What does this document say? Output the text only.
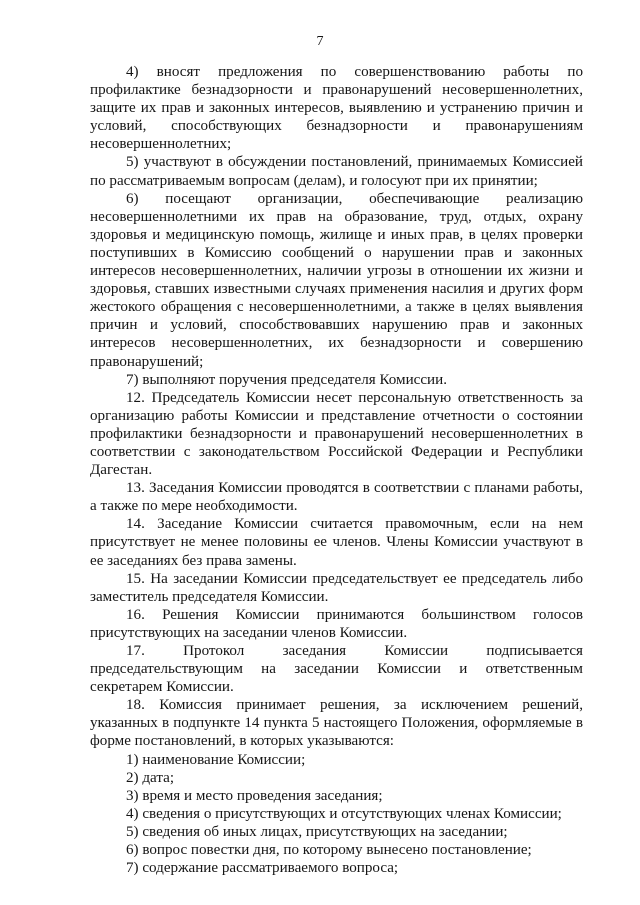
7

4) вносят предложения по совершенствованию работы по профилактике безнадзорности и правонарушений несовершеннолетних, защите их прав и законных интересов, выявлению и устранению причин и условий, способствующих безнадзорности и правонарушениям несовершеннолетних;

5) участвуют в обсуждении постановлений, принимаемых Комиссией по рассматриваемым вопросам (делам), и голосуют при их принятии;

6) посещают организации, обеспечивающие реализацию несовершеннолетними их прав на образование, труд, отдых, охрану здоровья и медицинскую помощь, жилище и иных прав, в целях проверки поступивших в Комиссию сообщений о нарушении прав и законных интересов несовершеннолетних, наличии угрозы в отношении их жизни и здоровья, ставших известными случаях применения насилия и других форм жестокого обращения с несовершеннолетними, а также в целях выявления причин и условий, способствовавших нарушению прав и законных интересов несовершеннолетних, их безнадзорности и совершению правонарушений;

7) выполняют поручения председателя Комиссии.

12. Председатель Комиссии несет персональную ответственность за организацию работы Комиссии и представление отчетности о состоянии профилактики безнадзорности и правонарушений несовершеннолетних в соответствии с законодательством Российской Федерации и Республики Дагестан.

13. Заседания Комиссии проводятся в соответствии с планами работы, а также по мере необходимости.

14. Заседание Комиссии считается правомочным, если на нем присутствует не менее половины ее членов. Члены Комиссии участвуют в ее заседаниях без права замены.

15. На заседании Комиссии председательствует ее председатель либо заместитель председателя Комиссии.

16. Решения Комиссии принимаются большинством голосов присутствующих на заседании членов Комиссии.

17. Протокол заседания Комиссии подписывается председательствующим на заседании Комиссии и ответственным секретарем Комиссии.

18. Комиссия принимает решения, за исключением решений, указанных в подпункте 14 пункта 5 настоящего Положения, оформляемые в форме постановлений, в которых указываются:

1) наименование Комиссии;

2) дата;

3) время и место проведения заседания;

4) сведения о присутствующих и отсутствующих членах Комиссии;

5) сведения об иных лицах, присутствующих на заседании;

6) вопрос повестки дня, по которому вынесено постановление;

7) содержание рассматриваемого вопроса;
